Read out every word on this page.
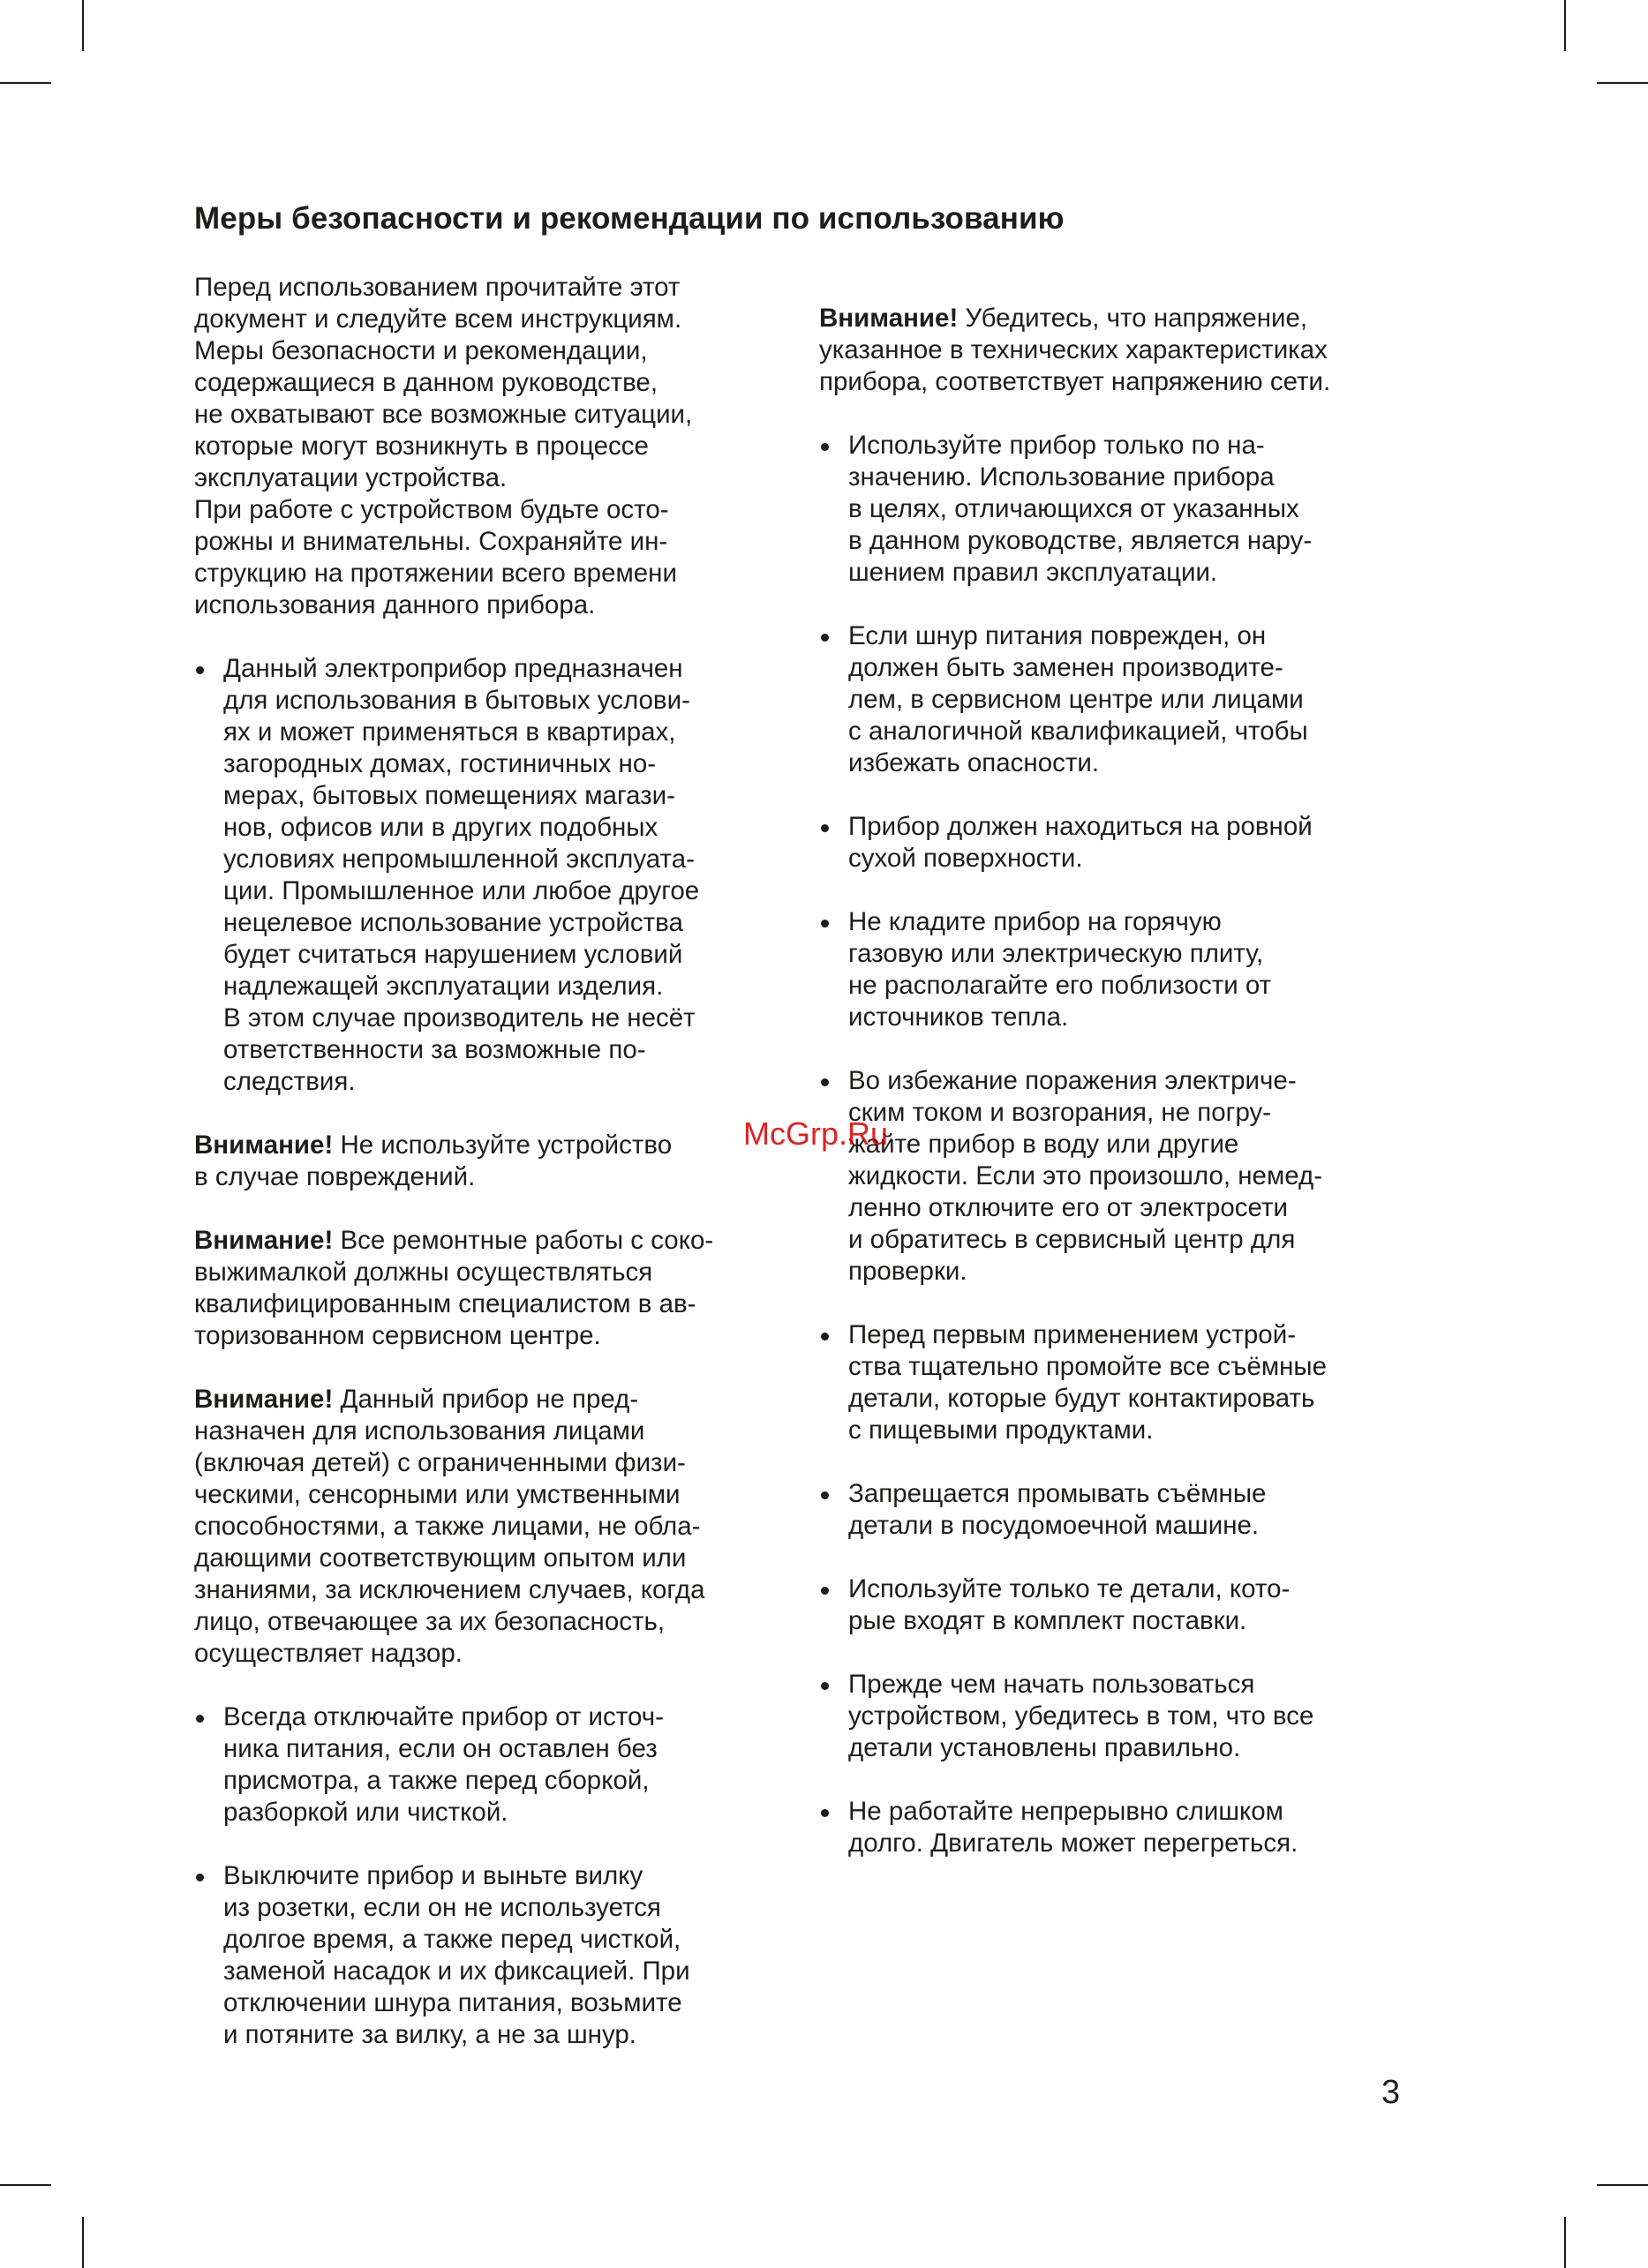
Меры безопасности и рекомендации по использованию

Перед использованием прочитайте этот
документ и следуйте всем инструкциям.
Меры безопасности и рекомендации,
содержащиеся в данном руководстве,
не охватывают все возможные ситуации,
которые могут возникнуть в процессе
эксплуатации устройства.
При работе с устройством будьте осто-
рожны и внимательны. Сохраняйте ин-
струкцию на протяжении всего времени
использования данного прибора.

Данный электроприбор предназначен
для использования в бытовых услови-
ях и может применяться в квартирах,
загородных домах, гостиничных но-
мерах, бытовых помещениях магази-
нов, офисов или в других подобных
условиях непромышленной эксплуата-
ции. Промышленное или любое другое
нецелевое использование устройства
будет считаться нарушением условий
надлежащей эксплуатации изделия.
В этом случае производитель не несёт
ответственности за возможные по-
следствия.

Внимание! Не используйте устройство
в случае повреждений.

Внимание! Все ремонтные работы с соко-
выжималкой должны осуществляться
квалифицированным специалистом в ав-
торизованном сервисном центре.

Внимание! Данный прибор не пред-
назначен для использования лицами
(включая детей) с ограниченными физи-
ческими, сенсорными или умственными
способностями, а также лицами, не обла-
дающими соответствующим опытом или
знаниями, за исключением случаев, когда
лицо, отвечающее за их безопасность,
осуществляет надзор.

Всегда отключайте прибор от источ-
ника питания, если он оставлен без
присмотра, а также перед сборкой,
разборкой или чисткой.
Выключите прибор и выньте вилку
из розетки, если он не используется
долгое время, а также перед чисткой,
заменой насадок и их фиксацией. При
отключении шнура питания, возьмите
и потяните за вилку, а не за шнур.

Внимание! Убедитесь, что напряжение,
указанное в технических характеристиках
прибора, соответствует напряжению сети.

Используйте прибор только по на-
значению. Использование прибора
в целях, отличающихся от указанных
в данном руководстве, является нару-
шением правил эксплуатации.
Если шнур питания поврежден, он
должен быть заменен производите-
лем, в сервисном центре или лицами
с аналогичной квалификацией, чтобы
избежать опасности.
Прибор должен находиться на ровной
сухой поверхности.
Не кладите прибор на горячую
газовую или электрическую плиту,
не располагайте его поблизости от
источников тепла.
Во избежание поражения электриче-
ским током и возгорания, не погру-
жайте прибор в воду или другие
жидкости. Если это произошло, немед-
ленно отключите его от электросети
и обратитесь в сервисный центр для
проверки.
Перед первым применением устрой-
ства тщательно промойте все съёмные
детали, которые будут контактировать
с пищевыми продуктами.
Запрещается промывать съёмные
детали в посудомоечной машине.
Используйте только те детали, кото-
рые входят в комплект поставки.
Прежде чем начать пользоваться
устройством, убедитесь в том, что все
детали установлены правильно.
Не работайте непрерывно слишком
долго. Двигатель может перегреться.
McGrp.Ru
3
